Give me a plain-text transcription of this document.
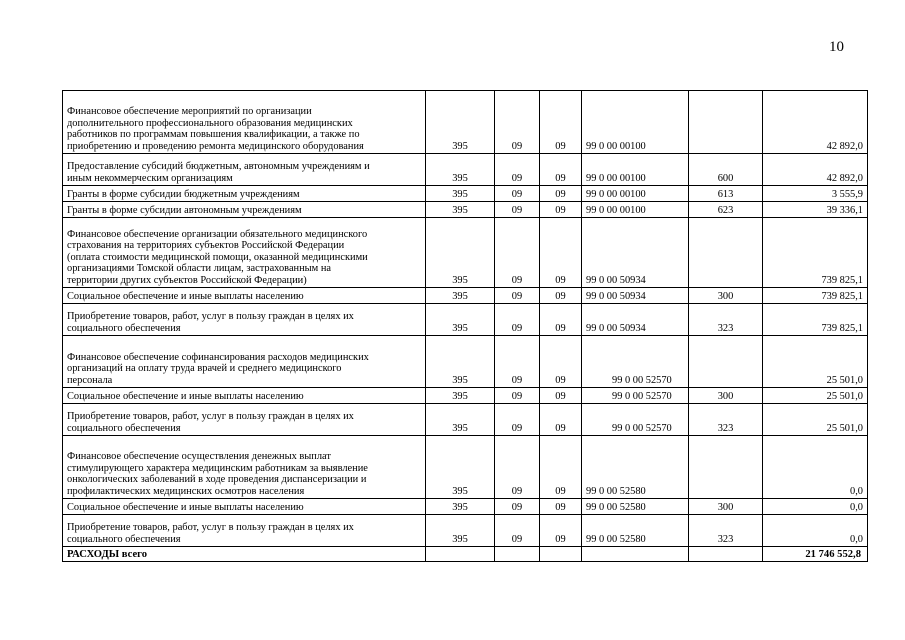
10
Финансовое обеспечение мероприятий по организации
дополнительного профессионального образования медицинских
работников по программам повышения квалификации, а также по
приобретению и проведению ремонта медицинского оборудования	395	09	09	99 0 00 00100		42 892,0
Предоставление субсидий бюджетным, автономным учреждениям и
иным некоммерческим организациям	395	09	09	99 0 00 00100	600	42 892,0
Гранты в форме субсидии бюджетным учреждениям	395	09	09	99 0 00 00100	613	3 555,9
Гранты в форме субсидии автономным учреждениям	395	09	09	99 0 00 00100	623	39 336,1
Финансовое обеспечение организации обязательного медицинского
страхования на территориях субъектов Российской Федерации
(оплата стоимости медицинской помощи, оказанной медицинскими
организациями Томской области лицам, застрахованным на
территории других субъектов Российской Федерации)	395	09	09	99 0 00 50934		739 825,1
Социальное обеспечение и иные выплаты населению	395	09	09	99 0 00 50934	300	739 825,1
Приобретение товаров, работ, услуг в пользу граждан в целях их
социального обеспечения	395	09	09	99 0 00 50934	323	739 825,1
Финансовое обеспечение софинансирования расходов медицинских
организаций на оплату труда врачей и среднего медицинского
персонала	395	09	09	99 0 00 52570		25 501,0
Социальное обеспечение и иные выплаты населению	395	09	09	99 0 00 52570	300	25 501,0
Приобретение товаров, работ, услуг в пользу граждан в целях их
социального обеспечения	395	09	09	99 0 00 52570	323	25 501,0
Финансовое обеспечение осуществления денежных выплат
стимулирующего характера медицинским работникам за выявление
онкологических заболеваний в ходе проведения диспансеризации и
профилактических медицинских осмотров населения	395	09	09	99 0 00 52580		0,0
Социальное обеспечение и иные выплаты населению	395	09	09	99 0 00 52580	300	0,0
Приобретение товаров, работ, услуг в пользу граждан в целях их
социального обеспечения	395	09	09	99 0 00 52580	323	0,0
РАСХОДЫ всего						21 746 552,8
